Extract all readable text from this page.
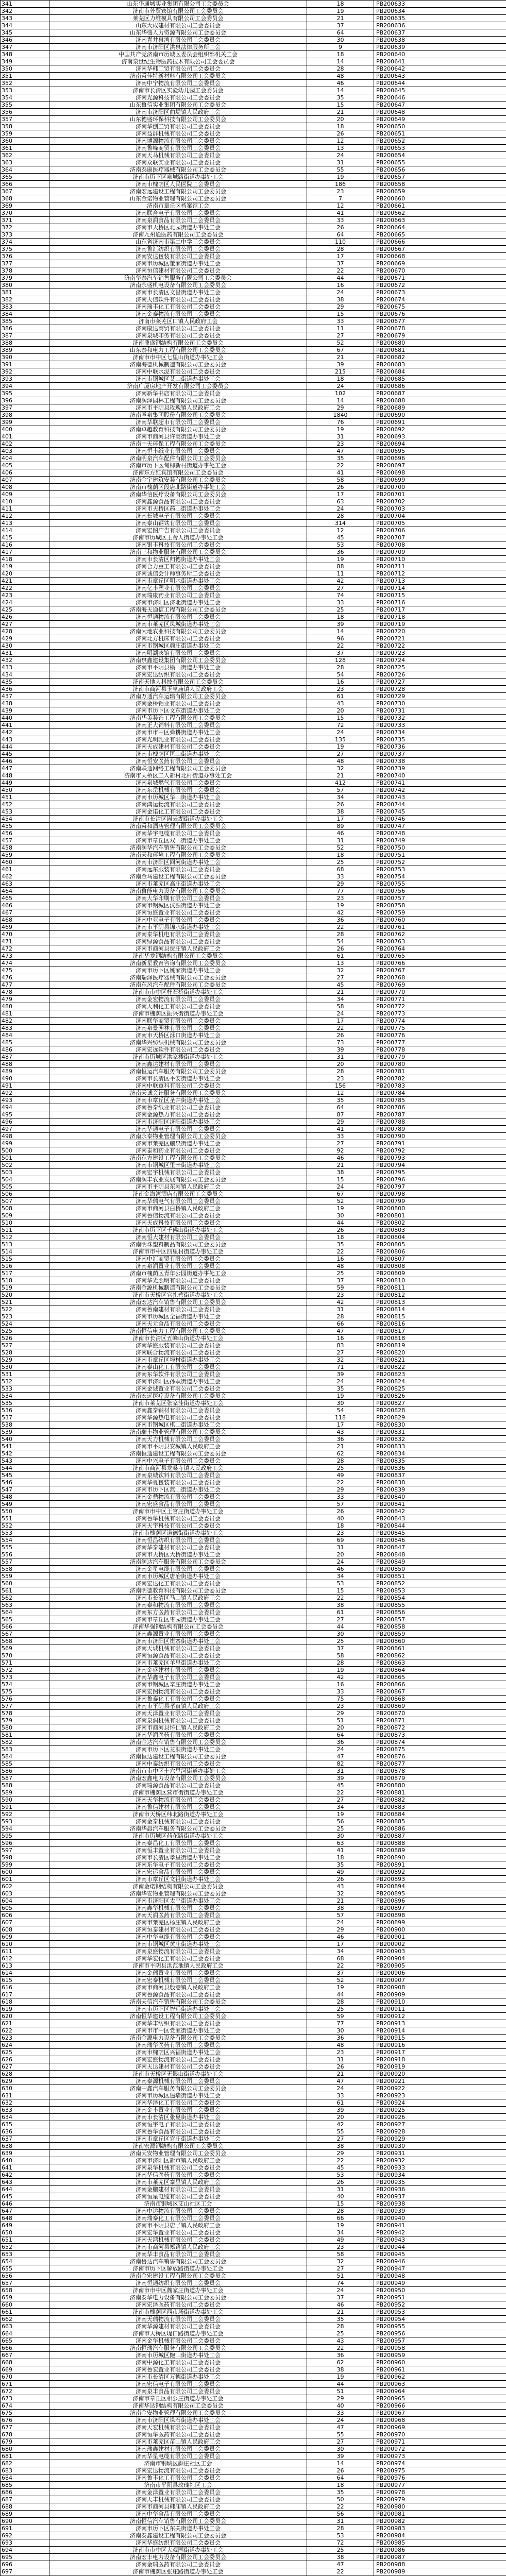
341	山东华通城实业集团有限公司工会委员会	18	PB200633
342	济南市外贸宾馆有限公司工会委员会	19	PB200634
343	莱芜区力维模具有限公司工会委员会	21	PB200635
344	山东大成建材有限公司工会委员会	37	PB200636
345	山东华盛人力资源有限公司工会委员会	64	PB200637
346	济南青井泉湾有限公司工会委员会	30	PB200638
347	济南市济阳区洪泉法律服务所工会	9	PB200639
348	中国共产党济南市历城区委员会组织部机关工会	18	PB200640
349	济南泉世纪生物医药技术有限公司工会委员会	14	PB200641
350	济南华韩工贸有限公司工会委员会	28	PB200642
351	济南舜佳特新材料有限公司工会委员会	48	PB200643
352	济南中宁物流有限公司工会委员会	46	PB200644
353	济南市长清区实验幼儿园工会委员会	14	PB200645
354	济南光源科技有限公司工会委员会	35	PB200646
355	山东鲁信实业集团有限公司工会委员会	15	PB200647
356	济南市济阳区曲堤镇人民政府工会	21	PB200648
357	山东德盛环保科技有限公司工会委员会	20	PB200649
358	济南华创工贸有限公司工会委员会	18	PB200650
359	济南益群机械有限公司工会委员会	26	PB200651
360	济南博源物流有限公司工会委员会	12	PB200652
361	济南鲁峰商贸有限公司工会委员会	13	PB200653
362	济南天马机械有限公司工会委员会	24	PB200654
363	济南众联实业有限公司工会委员会	31	PB200655
364	济南泰康医疗器械有限公司工会委员会	55	PB200656
365	济南市历下区泉城路街道办事处工会	19	PB200657
366	济南市槐荫区人民医院工会委员会	186	PB200658
367	济南宏远建设工程有限公司工会委员会	23	PB200659
368	山东金诺物业管理有限公司工会委员会	7	PB200660
369	济南市章丘区档案馆工会	12	PB200661
370	济南联合电子有限公司工会委员会	41	PB200662
371	济南泉润食品有限公司工会委员会	33	PB200663
372	济南市天桥区北园街道办事处工会	26	PB200664
373	济南九州通医药有限公司工会委员会	64	PB200665
374	山东省济南市第二中学工会委员会	110	PB200666
375	济南鲁汇纺织有限公司工会委员会	28	PB200667
376	济南安达包装有限公司工会委员会	17	PB200668
377	济南市历城区董家街道办事处工会	37	PB200669
378	济南恒信建材有限公司工会委员会	22	PB200670
379	济南华泰汽车销售服务有限公司工会委员会	44	PB200671
380	济南永盛机电设备有限公司工会委员会	16	PB200672
381	济南市长清区文昌街道办事处工会	24	PB200673
382	济南天信软件有限公司工会委员会	38	PB200674
383	济南瑞丰化工有限公司工会委员会	29	PB200675
384	济南金泰物流有限公司工会委员会	15	PB200676
385	济南市莱芜区口镇人民政府工会	33	PB200677
386	济南康达商贸有限公司工会委员会	11	PB200678
387	济南泉城印务有限公司工会委员会	27	PB200679
388	济南鼎盛钢结构有限公司工会委员会	52	PB200680
389	山东泰和电力工程有限公司工会委员会	67	PB200681
390	济南市市中区七里山街道办事处工会	21	PB200682
391	济南海德机械制造有限公司工会委员会	39	PB200683
392	济南中联水泥有限公司工会委员会	215	PB200684
393	济南市钢城区艾山街道办事处工会	18	PB200685
394	济南广厦房地产开发有限公司工会委员会	24	PB200686
395	济南新华书店有限公司工会委员会	102	PB200687
396	济南润泽园林工程有限公司工会委员会	14	PB200688
397	济南市平阴县玫瑰镇人民政府工会	29	PB200689
398	济南圣泉集团股份有限公司工会委员会	1840	PB200690
399	济南华联超市有限公司工会委员会	76	PB200691
400	济南卓越教育科技有限公司工会委员会	19	PB200692
401	济南市商河县许商街道办事处工会	31	PB200693
402	济南中天环保工程有限公司工会委员会	23	PB200694
403	济南恒丰纸业有限公司工会委员会	47	PB200695
404	济南明泉汽车配件有限公司工会委员会	35	PB200696
405	济南市历下区甸柳新村街道办事处工会	22	PB200697
406	济南东方红宾馆有限公司工会委员会	41	PB200698
407	济南金宇建筑安装有限公司工会委员会	58	PB200699
408	济南市槐荫区段店北路街道办事处工会	26	PB200700
409	济南华信医疗设备有限公司工会委员会	17	PB200701
410	济南鑫源食品有限公司工会委员会	63	PB200702
411	济南市天桥区药山街道办事处工会	24	PB200703
412	济南长城电子有限公司工会委员会	28	PB200704
413	济南泰山钢铁有限公司工会委员会	314	PB200705
414	济南宏图广告有限公司工会委员会	12	PB200706
415	济南市历城区王舍人街道办事处工会	45	PB200707
416	济南银丰科技有限公司工会委员会	53	PB200708
417	济南三和物业服务有限公司工会委员会	36	PB200709
418	济南市长清区归德街道办事处工会	19	PB200710
419	济南合力重工有限公司工会委员会	88	PB200711
420	济南诚信会计师事务所工会委员会	11	PB200712
421	济南市章丘区明水街道办事处工会	42	PB200713
422	济南亿丰塑业有限公司工会委员会	27	PB200714
423	济南瑞康药业有限公司工会委员会	74	PB200715
424	济南市济阳区济北街道办事处工会	33	PB200716
425	济南海天通信工程有限公司工会委员会	25	PB200717
426	济南恒通物流有限公司工会委员会	18	PB200718
427	济南市莱芜区凤城街道办事处工会	39	PB200719
428	济南大地农业科技有限公司工会委员会	14	PB200720
429	济南北方机床有限公司工会委员会	96	PB200721
430	济南市钢城区颜庄街道办事处工会	22	PB200722
431	济南明湖宾馆有限公司工会委员会	37	PB200723
432	济南泉鑫建设集团有限公司工会委员会	128	PB200724
433	济南市平阴县榆山街道办事处工会	28	PB200725
434	济南宏达纺织有限公司工会委员会	54	PB200726
435	济南天地人科技有限公司工会委员会	16	PB200727
436	济南市商河县玉皇庙镇人民政府工会	23	PB200728
437	济南万通汽车运输有限公司工会委员会	61	PB200729
438	济南金桥铝业有限公司工会委员会	43	PB200730
439	济南市历下区文东街道办事处工会	20	PB200731
440	济南华美装饰工程有限公司工会委员会	15	PB200732
441	济南正大饲料有限公司工会委员会	72	PB200733
442	济南市市中区舜耕街道办事处工会	24	PB200734
443	济南光明乳业有限公司工会委员会	135	PB200735
444	济南天成建材有限公司工会委员会	19	PB200736
445	济南市槐荫区匡山街道办事处工会	27	PB200737
446	济南恒安医药有限公司工会委员会	48	PB200738
447	济南联通网络工程有限公司工会委员会	32	PB200739
448	济南市天桥区工人新村北村街道办事处工会	21	PB200740
449	济南泉城燃气有限公司工会委员会	412	PB200741
450	济南东岳机械有限公司工会委员会	57	PB200742
451	济南市历城区华山街道办事处工会	34	PB200743
452	济南鸿运物流有限公司工会委员会	26	PB200744
453	济南金诺化工有限公司工会委员会	38	PB200745
454	济南市长清区崮云湖街道办事处工会	17	PB200746
455	济南舜和酒店管理有限公司工会委员会	89	PB200747
456	济南华宇电缆有限公司工会委员会	46	PB200748
457	济南市章丘区双山街道办事处工会	31	PB200749
458	济南润华汽车销售有限公司工会委员会	52	PB200750
459	济南天和环境工程有限公司工会委员会	18	PB200751
460	济南市济阳区回河街道办事处工会	25	PB200752
461	济南远东服装有限公司工会委员会	68	PB200753
462	济南金马建设工程有限公司工会委员会	33	PB200754
463	济南市莱芜区高庄街道办事处工会	29	PB200755
464	济南鲁能电力设备有限公司工会委员会	77	PB200756
465	济南大华印刷有限公司工会委员会	23	PB200757
466	济南市钢城区汶源街道办事处工会	19	PB200758
467	济南恒盛置业有限公司工会委员会	42	PB200759
468	济南中亚电子有限公司工会委员会	36	PB200760
469	济南市平阴县锦水街道办事处工会	22	PB200761
470	济南泰华机电有限公司工会委员会	28	PB200762
471	济南绿源食品有限公司工会委员会	54	PB200763
472	济南市商河县贾庄镇人民政府工会	26	PB200764
473	济南华龙钢结构有限公司工会委员会	61	PB200765
474	济南新星教育咨询有限公司工会委员会	13	PB200766
475	济南市历下区姚家街道办事处工会	32	PB200767
476	济南瑞泽医疗器械有限公司工会委员会	27	PB200768
477	济南东风汽车配件有限公司工会委员会	45	PB200769
478	济南市市中区杆石桥街道办事处工会	21	PB200770
479	济南金宏物流有限公司工会委员会	34	PB200771
480	济南天利化工有限公司工会委员会	58	PB200772
481	济南市槐荫区振兴街街道办事处工会	24	PB200773
482	济南联华商贸有限公司工会委员会	17	PB200774
483	济南泉景园林有限公司工会委员会	22	PB200775
484	济南市天桥区泺口街道办事处工会	26	PB200776
485	济南华兴纺织机械有限公司工会委员会	73	PB200777
486	济南宏远软件有限公司工会委员会	39	PB200778
487	济南市历城区洪家楼街道办事处工会	31	PB200779
488	济南鑫达建材有限公司工会委员会	20	PB200780
489	济南恒运汽车服务有限公司工会委员会	28	PB200781
490	济南市长清区平安街道办事处工会	23	PB200782
491	济南中联重科有限公司工会委员会	156	PB200783
492	济南天诚会计服务有限公司工会委员会	12	PB200784
493	济南市章丘区圣井街道办事处工会	35	PB200785
494	济南鲁泰纸业有限公司工会委员会	64	PB200786
495	济南金源热力有限公司工会委员会	87	PB200787
496	济南市济阳区济阳街道办事处工会	29	PB200788
497	济南华通电子有限公司工会委员会	41	PB200789
498	济南永泰物业管理有限公司工会委员会	33	PB200790
499	济南市莱芜区鹏泉街道办事处工会	27	PB200791
500	济南泰和药业有限公司工会委员会	92	PB200792
501	济南东方建设工程有限公司工会委员会	46	PB200793
502	济南市钢城区里辛街道办事处工会	21	PB200794
503	济南宏宇机械有限公司工会委员会	38	PB200795
504	济南润丰农业发展有限公司工会委员会	15	PB200796
505	济南市平阴县东阿镇人民政府工会	24	PB200797
506	济南金海湾酒店有限公司工会委员会	67	PB200798
507	济南华瑞电气有限公司工会委员会	52	PB200799
508	济南市商河县白桥镇人民政府工会	19	PB200800
509	济南鲁信物流有限公司工会委员会	30	PB200801
510	济南天成科技有限公司工会委员会	44	PB200802
511	济南市历下区千佛山街道办事处工会	26	PB200803
512	济南恒大建材有限公司工会委员会	18	PB200804
513	济南明珠塑料制品有限公司工会委员会	35	PB200805
514	济南市市中区四里村街道办事处工会	22	PB200806
515	济南中汇商贸有限公司工会委员会	16	PB200807
516	济南泉润置业有限公司工会委员会	48	PB200808
517	济南市槐荫区青年公园街道办事处工会	25	PB200809
518	济南华光照明有限公司工会委员会	37	PB200810
519	济南金源机械制造有限公司工会委员会	59	PB200811
520	济南市天桥区官扎营街道办事处工会	23	PB200812
521	济南宏达汽车销售有限公司工会委员会	42	PB200813
522	济南鲁南建材有限公司工会委员会	31	PB200814
523	济南市历城区全福街道办事处工会	28	PB200815
524	济南天元食品有限公司工会委员会	66	PB200816
525	济南恒信电力工程有限公司工会委员会	47	PB200817
526	济南市长清区五峰山街道办事处工会	16	PB200818
527	济南华盛服装有限公司工会委员会	83	PB200819
528	济南联合物流有限公司工会委员会	27	PB200820
529	济南市章丘区埠村街道办事处工会	32	PB200821
530	济南泰山化工有限公司工会委员会	71	PB200822
531	济南东华软件有限公司工会委员会	39	PB200823
532	济南市济阳区孙耿街道办事处工会	24	PB200824
533	济南金诚置业有限公司工会委员会	35	PB200825
534	济南宏远医疗设备有限公司工会委员会	19	PB200826
535	济南市莱芜区张家洼街道办事处工会	30	PB200827
536	济南鑫泰钢材有限公司工会委员会	54	PB200828
537	济南华源热电有限公司工会委员会	118	PB200829
538	济南市钢城区棋山街道办事处工会	17	PB200830
539	济南瑞丰物业管理有限公司工会委员会	43	PB200831
540	济南天力机械有限公司工会委员会	36	PB200832
541	济南市平阴县安城镇人民政府工会	21	PB200833
542	济南恒通建设工程有限公司工会委员会	62	PB200834
543	济南中兴电子有限公司工会委员会	28	PB200835
544	济南市商河县龙桑寺镇人民政府工会	25	PB200836
545	济南泉城饮料有限公司工会委员会	49	PB200837
546	济南华夏包装有限公司工会委员会	22	PB200838
547	济南市历下区燕山街道办事处工会	29	PB200839
548	济南金鼎物流有限公司工会委员会	33	PB200840
549	济南宏盛食品有限公司工会委员会	57	PB200841
550	济南市市中区王官庄街道办事处工会	26	PB200842
551	济南鲁华机械有限公司工会委员会	40	PB200843
552	济南天宇科技有限公司工会委员会	18	PB200844
553	济南市槐荫区道德街街道办事处工会	23	PB200845
554	济南恒昌纺织有限公司工会委员会	69	PB200846
555	济南华泰建材有限公司工会委员会	31	PB200847
556	济南市天桥区大桥街道办事处工会	20	PB200848
557	济南润达汽车服务有限公司工会委员会	24	PB200849
558	济南金星电缆有限公司工会委员会	46	PB200850
559	济南市历城区唐冶街道办事处工会	34	PB200851
560	济南宏达化工有限公司工会委员会	53	PB200852
561	济南明德教育科技有限公司工会委员会	15	PB200853
562	济南市长清区马山镇人民政府工会	22	PB200854
563	济南泰和物流有限公司工会委员会	38	PB200855
564	济南东方医药有限公司工会委员会	61	PB200856
565	济南市章丘区枣园街道办事处工会	27	PB200857
566	济南华强钢结构有限公司工会委员会	44	PB200858
567	济南鑫源置业有限公司工会委员会	30	PB200859
568	济南市济阳区崔寨街道办事处工会	25	PB200860
569	济南天诚机械有限公司工会委员会	37	PB200861
570	济南恒源食品有限公司工会委员会	58	PB200862
571	济南市莱芜区羊里街道办事处工会	28	PB200863
572	济南金盛建材有限公司工会委员会	19	PB200864
573	济南华鑫电子有限公司工会委员会	42	PB200865
574	济南市钢城区辛庄街道办事处工会	16	PB200866
575	济南宏图物流有限公司工会委员会	33	PB200867
576	济南鲁泰化工有限公司工会委员会	75	PB200868
577	济南市平阴县孝直镇人民政府工会	23	PB200869
578	济南天泽置业有限公司工会委员会	29	PB200870
579	济南泉润机械有限公司工会委员会	51	PB200871
580	济南市商河县怀仁镇人民政府工会	20	PB200872
581	济南华润医药有限公司工会委员会	64	PB200873
582	济南金达汽车销售有限公司工会委员会	36	PB200874
583	济南市历下区龙洞街道办事处工会	24	PB200875
584	济南恒达建设工程有限公司工会委员会	47	PB200876
585	济南中泰纺织有限公司工会委员会	82	PB200877
586	济南市市中区十六里河街道办事处工会	31	PB200878
587	济南宏鑫电力设备有限公司工会委员会	39	PB200879
588	济南瑞源食品有限公司工会委员会	45	PB200880
589	济南市槐荫区营市街街道办事处工会	22	PB200881
590	济南天华物流有限公司工会委员会	27	PB200882
591	济南鲁信建材有限公司工会委员会	34	PB200883
592	济南市天桥区纬北路街道办事处工会	19	PB200884
593	济南金泰机械有限公司工会委员会	56	PB200885
594	济南华晨汽车服务有限公司工会委员会	25	PB200886
595	济南市历城区荷花路街道办事处工会	30	PB200887
596	济南泰昌化工有限公司工会委员会	63	PB200888
597	济南恒丰置业有限公司工会委员会	41	PB200889
598	济南市长清区孝里街道办事处工会	18	PB200890
599	济南东华电子有限公司工会委员会	35	PB200891
600	济南宏运食品有限公司工会委员会	49	PB200892
601	济南市章丘区文祖街道办事处工会	26	PB200893
602	济南金诺钢结构有限公司工会委员会	43	PB200894
603	济南华安物业管理有限公司工会委员会	32	PB200895
604	济南市济阳区太平街道办事处工会	21	PB200896
605	济南鑫华机械有限公司工会委员会	38	PB200897
606	济南天润医药有限公司工会委员会	57	PB200898
607	济南市莱芜区杨庄镇人民政府工会	24	PB200899
608	济南恒泰建材有限公司工会委员会	29	PB200900
609	济南中华电缆有限公司工会委员会	46	PB200901
610	济南市钢城区黄庄街道办事处工会	17	PB200902
611	济南泉盛物流有限公司工会委员会	34	PB200903
612	济南华宏化工有限公司工会委员会	68	PB200904
613	济南市平阴县洪范池镇人民政府工会	22	PB200905
614	济南金瑞置业有限公司工会委员会	37	PB200906
615	济南宏泰机械有限公司工会委员会	52	PB200907
616	济南市商河县殷巷镇人民政府工会	19	PB200908
617	济南鲁源食品有限公司工会委员会	44	PB200909
618	济南天信汽车销售有限公司工会委员会	28	PB200910
619	济南市历下区智远街道办事处工会	25	PB200911
620	济南恒华建设工程有限公司工会委员会	59	PB200912
621	济南华丰纺织有限公司工会委员会	77	PB200913
622	济南市市中区党家街道办事处工会	30	PB200914
623	济南金源电力设备有限公司工会委员会	36	PB200915
624	济南瑞华医药有限公司工会委员会	48	PB200916
625	济南市槐荫区兴福街道办事处工会	23	PB200917
626	济南宏盛物流有限公司工会委员会	31	PB200918
627	济南天达建材有限公司工会委员会	26	PB200919
628	济南市天桥区无影山街道办事处工会	21	PB200920
629	济南泰源机械有限公司工会委员会	47	PB200921
630	济南中鑫汽车服务有限公司工会委员会	24	PB200922
631	济南市历城区遥墙街道办事处工会	33	PB200923
632	济南华泽化工有限公司工会委员会	61	PB200924
633	济南金丰置业有限公司工会委员会	39	PB200925
634	济南市长清区张夏街道办事处工会	20	PB200926
635	济南恒宇电子有限公司工会委员会	42	PB200927
636	济南鲁华食品有限公司工会委员会	55	PB200928
637	济南市章丘区官庄街道办事处工会	27	PB200929
638	济南宏源钢结构有限公司工会委员会	38	PB200930
639	济南天安物业管理有限公司工会委员会	29	PB200931
640	济南市济阳区新市镇人民政府工会	22	PB200932
641	济南泉华机械有限公司工会委员会	45	PB200933
642	济南华信医药有限公司工会委员会	53	PB200934
643	济南市莱芜区寨里镇人民政府工会	26	PB200935
644	济南金鹏建材有限公司工会委员会	31	PB200936
645	济南恒星电缆有限公司工会委员会	40	PB200937
646	济南市钢城区艾山社区工会	15	PB200938
647	济南中达物流有限公司工会委员会	28	PB200939
648	济南瑞泰化工有限公司工会委员会	66	PB200940
649	济南市平阴县店子镇人民政府工会	19	PB200941
650	济南宏华置业有限公司工会委员会	34	PB200942
651	济南天鸿机械有限公司工会委员会	49	PB200943
652	济南市商河县郑路镇人民政府工会	23	PB200944
653	济南华丰食品有限公司工会委员会	58	PB200945
654	济南鲁达汽车销售有限公司工会委员会	32	PB200946
655	济南市历下区解放路街道办事处工会	27	PB200947
656	济南金宏建设工程有限公司工会委员会	51	PB200948
657	济南恒通纺织有限公司工会委员会	74	PB200949
658	济南市市中区魏家庄街道办事处工会	24	PB200950
659	济南泰华电力设备有限公司工会委员会	37	PB200951
660	济南宏泽医药有限公司工会委员会	46	PB200952
661	济南市槐荫区西市场街道办事处工会	21	PB200953
662	济南天瑞物流有限公司工会委员会	35	PB200954
663	济南华源建材有限公司工会委员会	28	PB200955
664	济南市天桥区堤口路街道办事处工会	25	PB200956
665	济南金华机械有限公司工会委员会	43	PB200957
666	济南恒瑞汽车服务有限公司工会委员会	22	PB200958
667	济南市历城区鲍山街道办事处工会	36	PB200959
668	济南中源化工有限公司工会委员会	62	PB200960
669	济南鲁宏置业有限公司工会委员会	38	PB200961
670	济南市长清区万德街道办事处工会	19	PB200962
671	济南宏信电子有限公司工会委员会	44	PB200963
672	济南泉丰食品有限公司工会委员会	51	PB200964
673	济南市章丘区相公庄街道办事处工会	29	PB200965
674	济南华达钢结构有限公司工会委员会	40	PB200966
675	济南金安物业管理有限公司工会委员会	33	PB200967
676	济南市济阳区垛石街道办事处工会	24	PB200968
677	济南天宏机械有限公司工会委员会	47	PB200969
678	济南恒华医药有限公司工会委员会	55	PB200970
679	济南市莱芜区苗山镇人民政府工会	27	PB200971
680	济南瑞鑫建材有限公司工会委员会	30	PB200972
681	济南华星电缆有限公司工会委员会	39	PB200973
682	济南市钢城区颜庄社区工会	14	PB200974
683	济南宏达物流有限公司工会委员会	26	PB200975
684	济南鲁丰化工有限公司工会委员会	64	PB200976
685	济南市平阴县玫瑰社区工会	18	PB200977
686	济南金泽置业有限公司工会委员会	35	PB200978
687	济南天丰机械有限公司工会委员会	50	PB200979
688	济南市商河县韩庙镇人民政府工会	22	PB200980
689	济南中华食品有限公司工会委员会	56	PB200981
690	济南恒信汽车销售有限公司工会委员会	31	PB200982
691	济南市历下区东关街道办事处工会	28	PB200983
692	济南泰鑫建设工程有限公司工会委员会	53	PB200984
693	济南华盛纺织有限公司工会委员会	72	PB200985
694	济南市市中区大观园街道办事处工会	25	PB200986
695	济南宏丰电力设备有限公司工会委员会	38	PB200987
696	济南金瑞医药有限公司工会委员会	47	PB200988
697	济南市槐荫区张庄路街道办事处工会	22	PB200989
